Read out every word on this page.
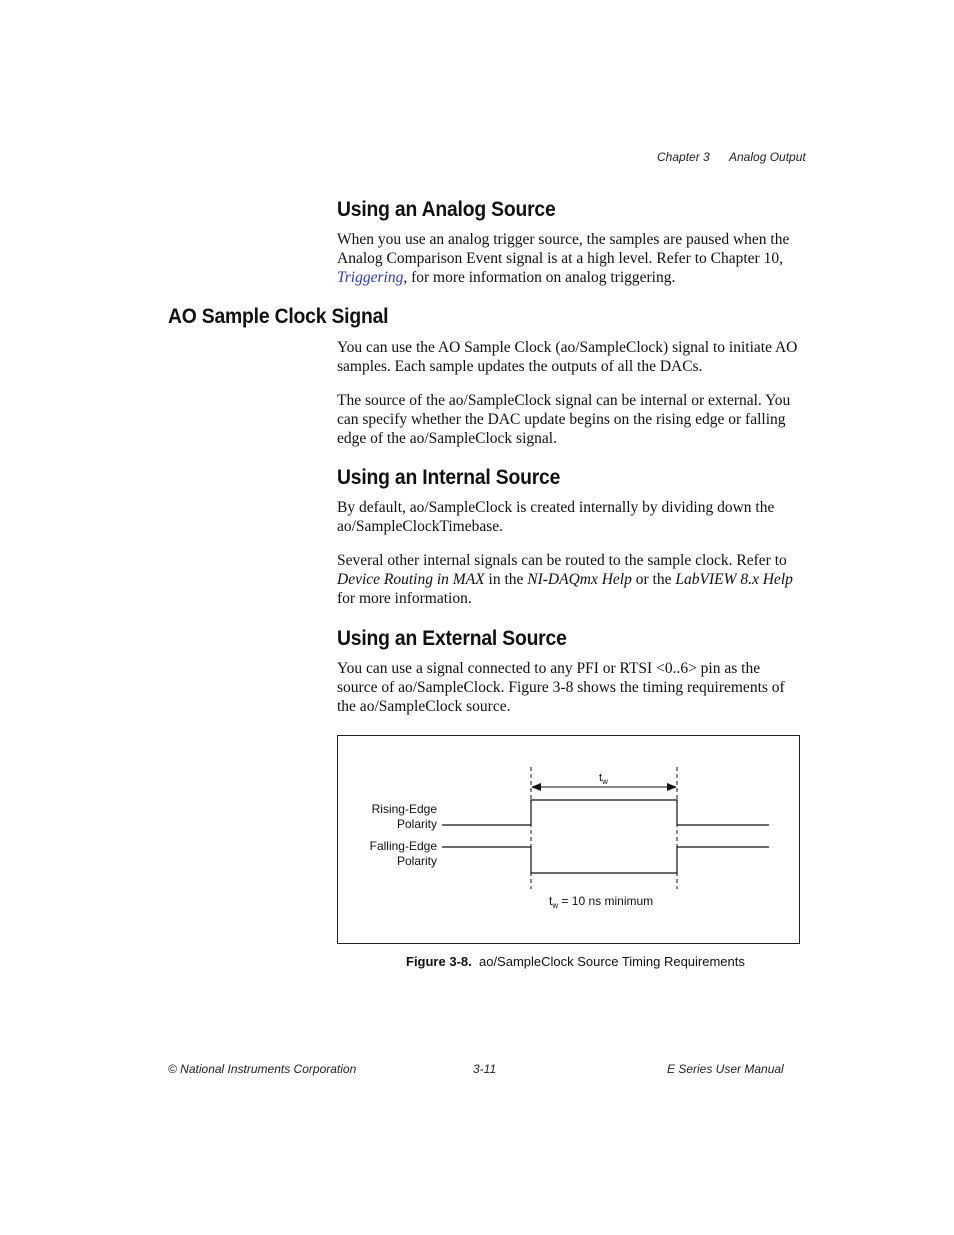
Chapter 3 Analog Output
Using an Analog Source
When you use an analog trigger source, the samples are paused when the Analog Comparison Event signal is at a high level. Refer to Chapter 10, Triggering, for more information on analog triggering.
AO Sample Clock Signal
You can use the AO Sample Clock (ao/SampleClock) signal to initiate AO samples. Each sample updates the outputs of all the DACs.
The source of the ao/SampleClock signal can be internal or external. You can specify whether the DAC update begins on the rising edge or falling edge of the ao/SampleClock signal.
Using an Internal Source
By default, ao/SampleClock is created internally by dividing down the ao/SampleClockTimebase.
Several other internal signals can be routed to the sample clock. Refer to Device Routing in MAX in the NI-DAQmx Help or the LabVIEW 8.x Help for more information.
Using an External Source
You can use a signal connected to any PFI or RTSI <0..6> pin as the source of ao/SampleClock. Figure 3-8 shows the timing requirements of the ao/SampleClock source.
$t_w$
Rising-Edge
Polarity
Falling-Edge
Polarity
$t_w = 10$ ns minimum
Figure 3-8. ao/SampleClock Source Timing Requirements
© National Instruments Corporation	3-11	E Series User Manual
